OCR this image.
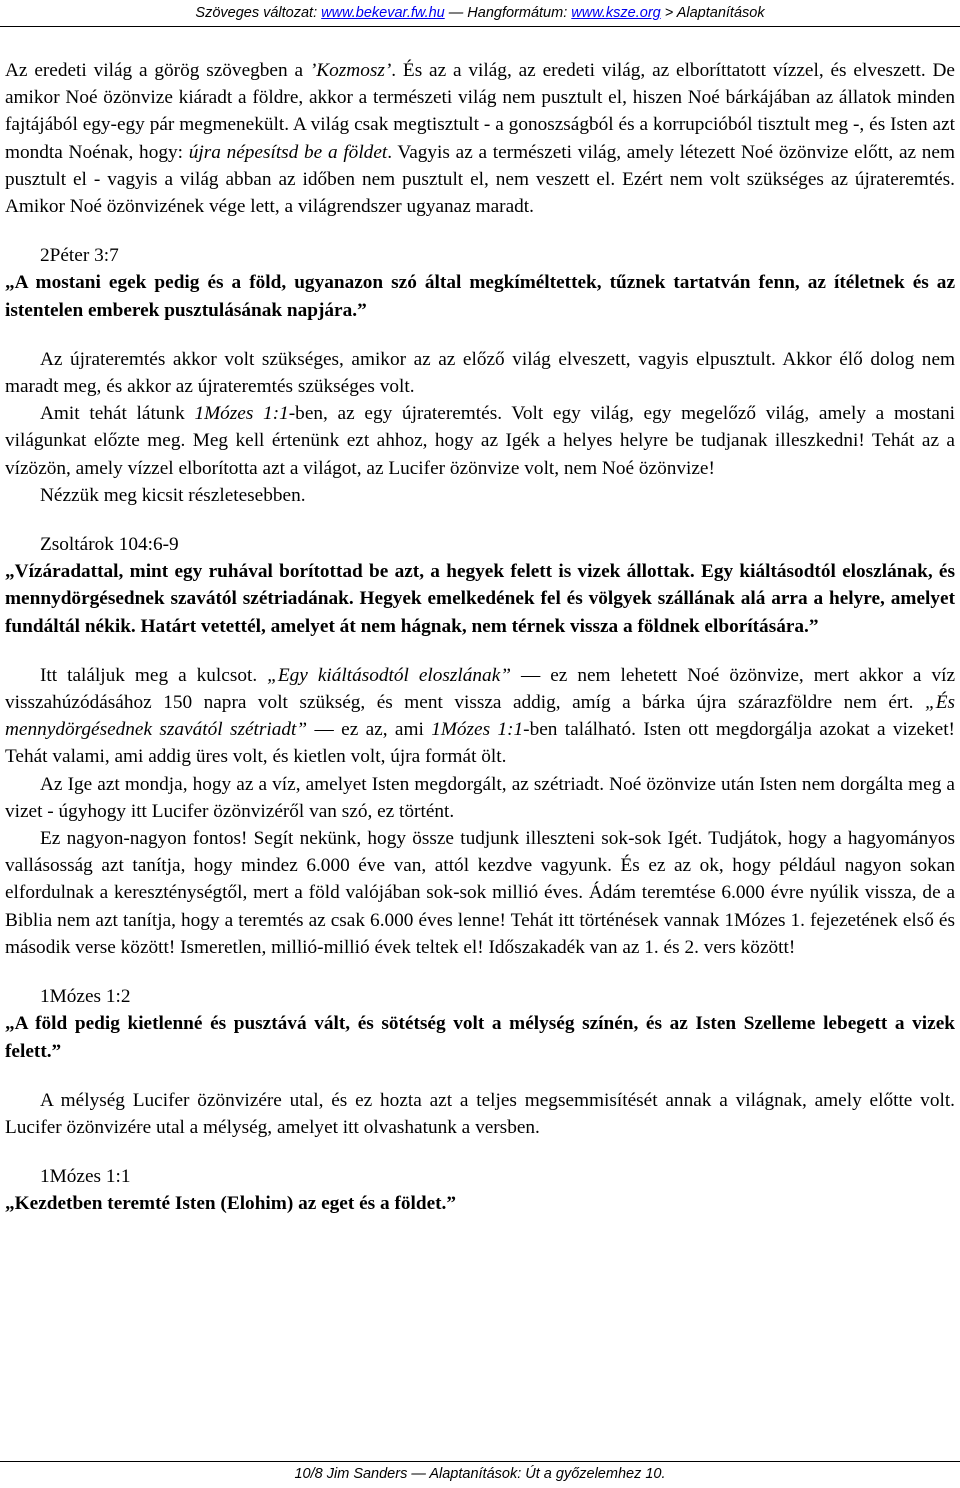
Szöveges változat: www.bekevar.fw.hu — Hangformátum: www.ksze.org > Alaptanítások

Az eredeti világ a görög szövegben a ’Kozmosz’. És az a világ, az eredeti világ, az elboríttatott vízzel, és elveszett. De amikor Noé özönvize kiáradt a földre, akkor a természeti világ nem pusztult el, hiszen Noé bárkájában az állatok minden fajtájából egy-egy pár megmenekült. A világ csak megtisztult - a gonoszságból és a korrupcióból tisztult meg -, és Isten azt mondta Noénak, hogy: újra népesítsd be a földet. Vagyis az a természeti világ, amely létezett Noé özönvize előtt, az nem pusztult el - vagyis a világ abban az időben nem pusztult el, nem veszett el. Ezért nem volt szükséges az újrateremtés. Amikor Noé özönvizének vége lett, a világrendszer ugyanaz maradt.

2Péter 3:7

„A mostani egek pedig és a föld, ugyanazon szó által megkíméltettek, tűznek tartatván fenn, az ítéletnek és az istentelen emberek pusztulásának napjára.”

Az újrateremtés akkor volt szükséges, amikor az az előző világ elveszett, vagyis elpusztult. Akkor élő dolog nem maradt meg, és akkor az újrateremtés szükséges volt.

Amit tehát látunk 1Mózes 1:1-ben, az egy újrateremtés. Volt egy világ, egy megelőző világ, amely a mostani világunkat előzte meg. Meg kell értenünk ezt ahhoz, hogy az Igék a helyes helyre be tudjanak illeszkedni! Tehát az a vízözön, amely vízzel elborította azt a világot, az Lucifer özönvize volt, nem Noé özönvize!

Nézzük meg kicsit részletesebben.

Zsoltárok 104:6-9

„Vízáradattal, mint egy ruhával borítottad be azt, a hegyek felett is vizek állottak. Egy kiáltásodtól eloszlának, és mennydörgésednek szavától szétriadának. Hegyek emelkedének fel és völgyek szállának alá arra a helyre, amelyet fundáltál nékik. Határt vetettél, amelyet át nem hágnak, nem térnek vissza a földnek elborítására.”

Itt találjuk meg a kulcsot. „Egy kiáltásodtól eloszlának” — ez nem lehetett Noé özönvize, mert akkor a víz visszahúzódásához 150 napra volt szükség, és ment vissza addig, amíg a bárka újra szárazföldre nem ért. „És mennydörgésednek szavától szétriadt” — ez az, ami 1Mózes 1:1-ben található. Isten ott megdorgálja azokat a vizeket! Tehát valami, ami addig üres volt, és kietlen volt, újra formát ölt.

Az Ige azt mondja, hogy az a víz, amelyet Isten megdorgált, az szétriadt. Noé özönvize után Isten nem dorgálta meg a vizet - úgyhogy itt Lucifer özönvizéről van szó, ez történt.

Ez nagyon-nagyon fontos! Segít nekünk, hogy össze tudjunk illeszteni sok-sok Igét. Tudjátok, hogy a hagyományos vallásosság azt tanítja, hogy mindez 6.000 éve van, attól kezdve vagyunk. És ez az ok, hogy például nagyon sokan elfordulnak a kereszténységtől, mert a föld valójában sok-sok millió éves. Ádám teremtése 6.000 évre nyúlik vissza, de a Biblia nem azt tanítja, hogy a teremtés az csak 6.000 éves lenne! Tehát itt történések vannak 1Mózes 1. fejezetének első és második verse között! Ismeretlen, millió-millió évek teltek el! Időszakadék van az 1. és 2. vers között!

1Mózes 1:2

„A föld pedig kietlenné és pusztává vált, és sötétség volt a mélység színén, és az Isten Szelleme lebegett a vizek felett.”

A mélység Lucifer özönvizére utal, és ez hozta azt a teljes megsemmisítését annak a világnak, amely előtte volt. Lucifer özönvizére utal a mélység, amelyet itt olvashatunk a versben.

1Mózes 1:1

„Kezdetben teremté Isten (Elohim) az eget és a földet.”

10/8 Jim Sanders — Alaptanítások: Út a győzelemhez 10.
